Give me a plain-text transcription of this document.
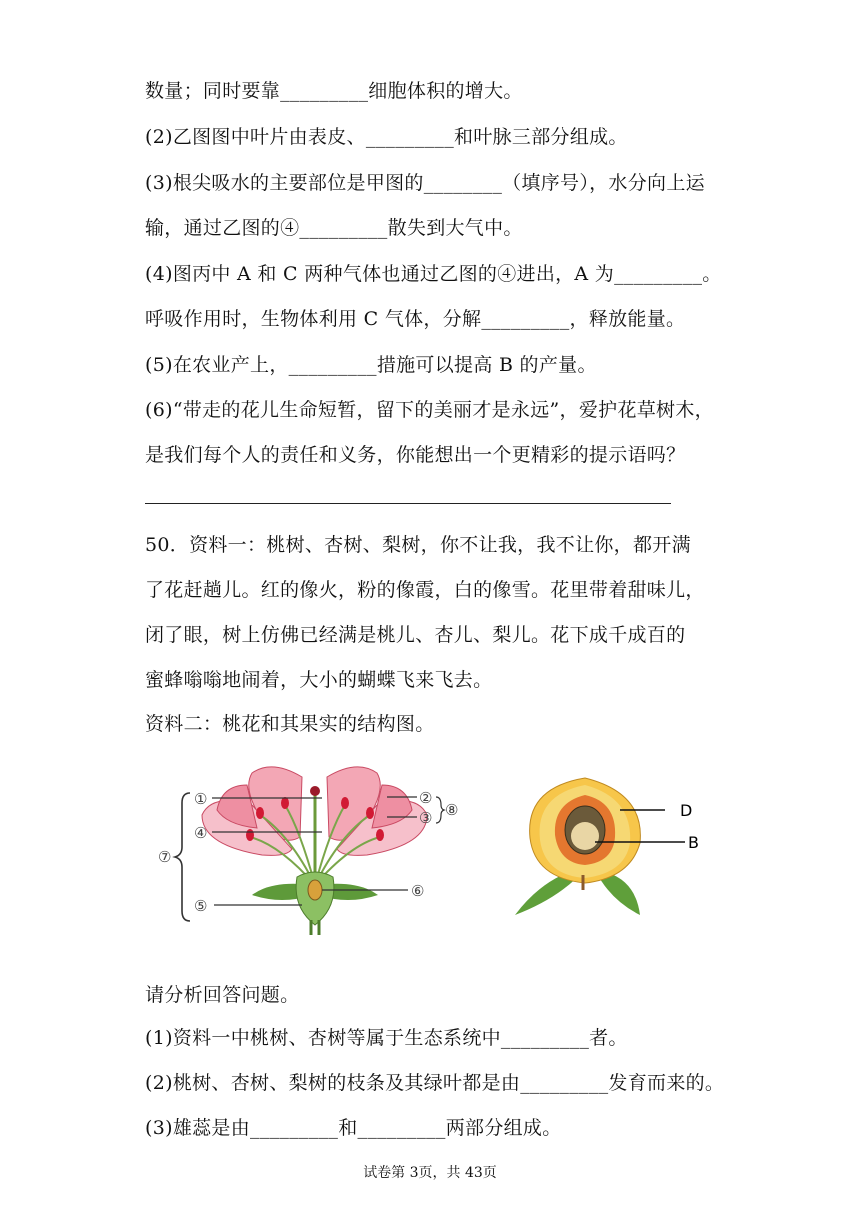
数量；同时要靠_________细胞体积的增大。
(2)乙图图中叶片由表皮、_________和叶脉三部分组成。
(3)根尖吸水的主要部位是甲图的________（填序号），水分向上运
输，通过乙图的④_________散失到大气中。
(4)图丙中 A 和 C 两种气体也通过乙图的④进出，A 为_________。
呼吸作用时，生物体利用 C 气体，分解_________，释放能量。
(5)在农业产上，_________措施可以提高 B 的产量。
(6)“带走的花儿生命短暂，留下的美丽才是永远”，爱护花草树木，
是我们每个人的责任和义务，你能想出一个更精彩的提示语吗？
50．资料一：桃树、杏树、梨树，你不让我，我不让你，都开满
了花赶趟儿。红的像火，粉的像霞，白的像雪。花里带着甜味儿，
闭了眼，树上仿佛已经满是桃儿、杏儿、梨儿。花下成千成百的
蜜蜂嗡嗡地闹着，大小的蝴蝶飞来飞去。
资料二：桃花和其果实的结构图。
①
④
⑦
⑤
⑥
②
③ ⑧	D
B
请分析回答问题。
(1)资料一中桃树、杏树等属于生态系统中_________者。
(2)桃树、杏树、梨树的枝条及其绿叶都是由_________发育而来的。
(3)雄蕊是由_________和_________两部分组成。
试卷第 3页，共 43页
